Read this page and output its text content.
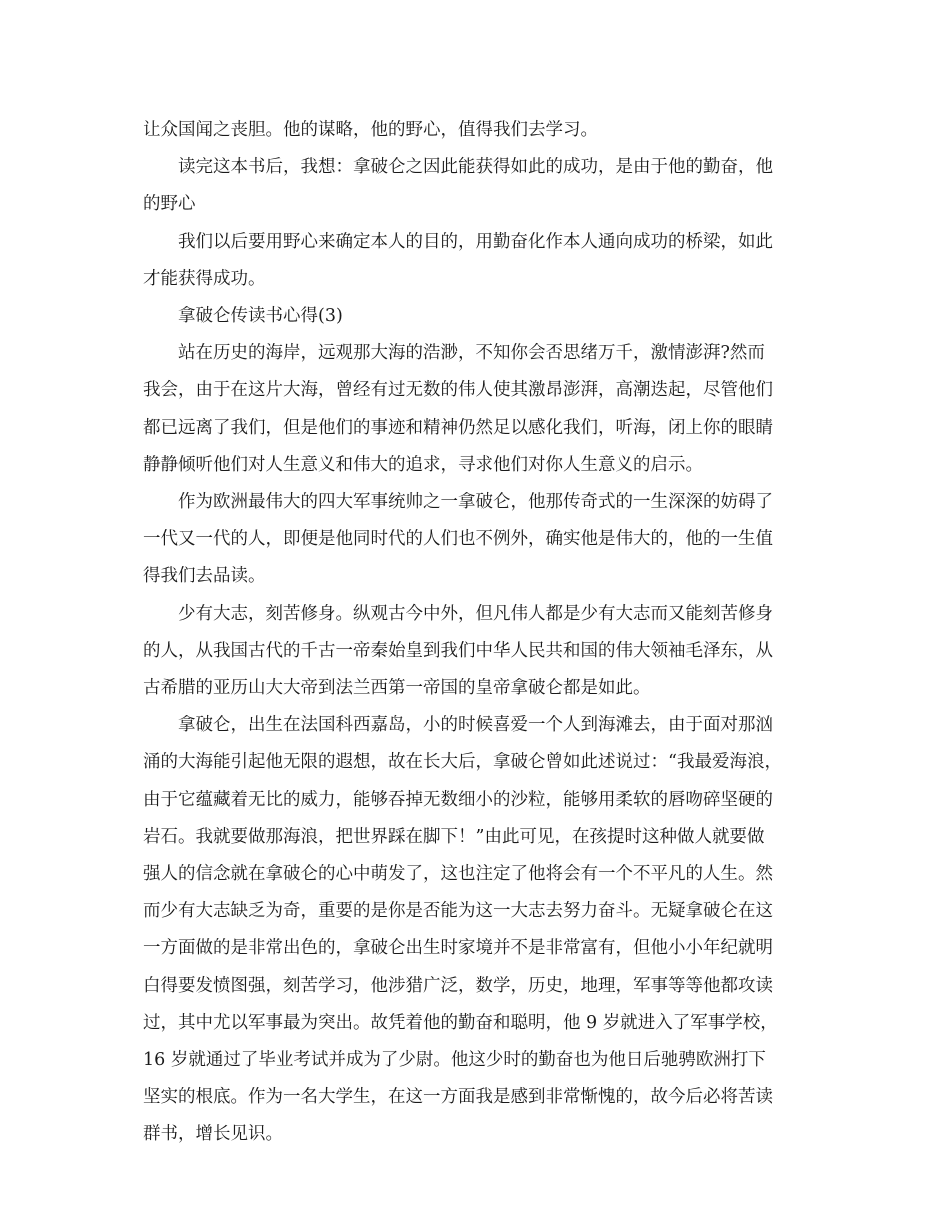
让众国闻之丧胆。他的谋略，他的野心，值得我们去学习。

读完这本书后，我想：拿破仑之因此能获得如此的成功，是由于他的勤奋，他
的野心

我们以后要用野心来确定本人的目的，用勤奋化作本人通向成功的桥梁，如此
才能获得成功。

拿破仑传读书心得(3)

站在历史的海岸，远观那大海的浩渺，不知你会否思绪万千，激情澎湃?然而
我会，由于在这片大海，曾经有过无数的伟人使其激昂澎湃，高潮迭起，尽管他们
都已远离了我们，但是他们的事迹和精神仍然足以感化我们，听海，闭上你的眼睛
静静倾听他们对人生意义和伟大的追求，寻求他们对你人生意义的启示。

作为欧洲最伟大的四大军事统帅之一拿破仑，他那传奇式的一生深深的妨碍了
一代又一代的人，即便是他同时代的人们也不例外，确实他是伟大的，他的一生值
得我们去品读。

少有大志，刻苦修身。纵观古今中外，但凡伟人都是少有大志而又能刻苦修身
的人，从我国古代的千古一帝秦始皇到我们中华人民共和国的伟大领袖毛泽东，从
古希腊的亚历山大大帝到法兰西第一帝国的皇帝拿破仑都是如此。

拿破仑，出生在法国科西嘉岛，小的时候喜爱一个人到海滩去，由于面对那汹
涌的大海能引起他无限的遐想，故在长大后，拿破仑曾如此述说过：“我最爱海浪，
由于它蕴藏着无比的威力，能够吞掉无数细小的沙粒，能够用柔软的唇吻碎坚硬的
岩石。我就要做那海浪，把世界踩在脚下！”由此可见，在孩提时这种做人就要做
强人的信念就在拿破仑的心中萌发了，这也注定了他将会有一个不平凡的人生。然
而少有大志缺乏为奇，重要的是你是否能为这一大志去努力奋斗。无疑拿破仑在这
一方面做的是非常出色的，拿破仑出生时家境并不是非常富有，但他小小年纪就明
白得要发愤图强，刻苦学习，他涉猎广泛，数学，历史，地理，军事等等他都攻读
过，其中尤以军事最为突出。故凭着他的勤奋和聪明，他 9 岁就进入了军事学校，
16 岁就通过了毕业考试并成为了少尉。他这少时的勤奋也为他日后驰骋欧洲打下
坚实的根底。作为一名大学生，在这一方面我是感到非常惭愧的，故今后必将苦读
群书，增长见识。
